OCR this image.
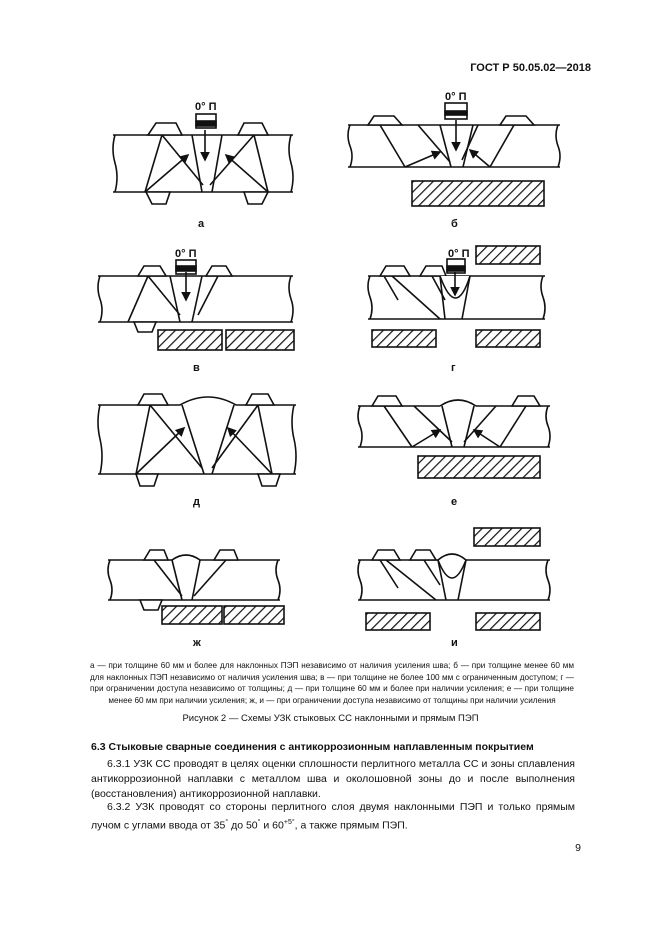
ГОСТ Р 50.05.02—2018
0° П
а
0° П
б
0° П
в
0° П
г
д	е
ж	и
а — при толщине 60 мм и более для наклонных ПЭП независимо от наличия усиления шва; б — при толщине менее 60 мм для наклонных ПЭП независимо от наличия усиления шва; в — при толщине не более 100 мм с ограниченным доступом; г — при ограничении доступа независимо от толщины; д — при толщине 60 мм и более при наличии усиления; е — при толщине менее 60 мм при наличии усиления; ж, и — при ограничении доступа независимо от толщины при наличии усиления
Рисунок 2 — Схемы УЗК стыковых СС наклонными и прямым ПЭП
6.3 Стыковые сварные соединения с антикоррозионным наплавленным покрытием
6.3.1 УЗК СС проводят в целях оценки сплошности перлитного металла СС и зоны сплавления антикоррозионной наплавки с металлом шва и околошовной зоны до и после выполнения (восстановления) антикоррозионной наплавки.
6.3.2 УЗК проводят со стороны перлитного слоя двумя наклонными ПЭП и только прямым лучом с углами ввода от 35° до 50° и $60^{+5^\circ}$, а также прямым ПЭП.
9
